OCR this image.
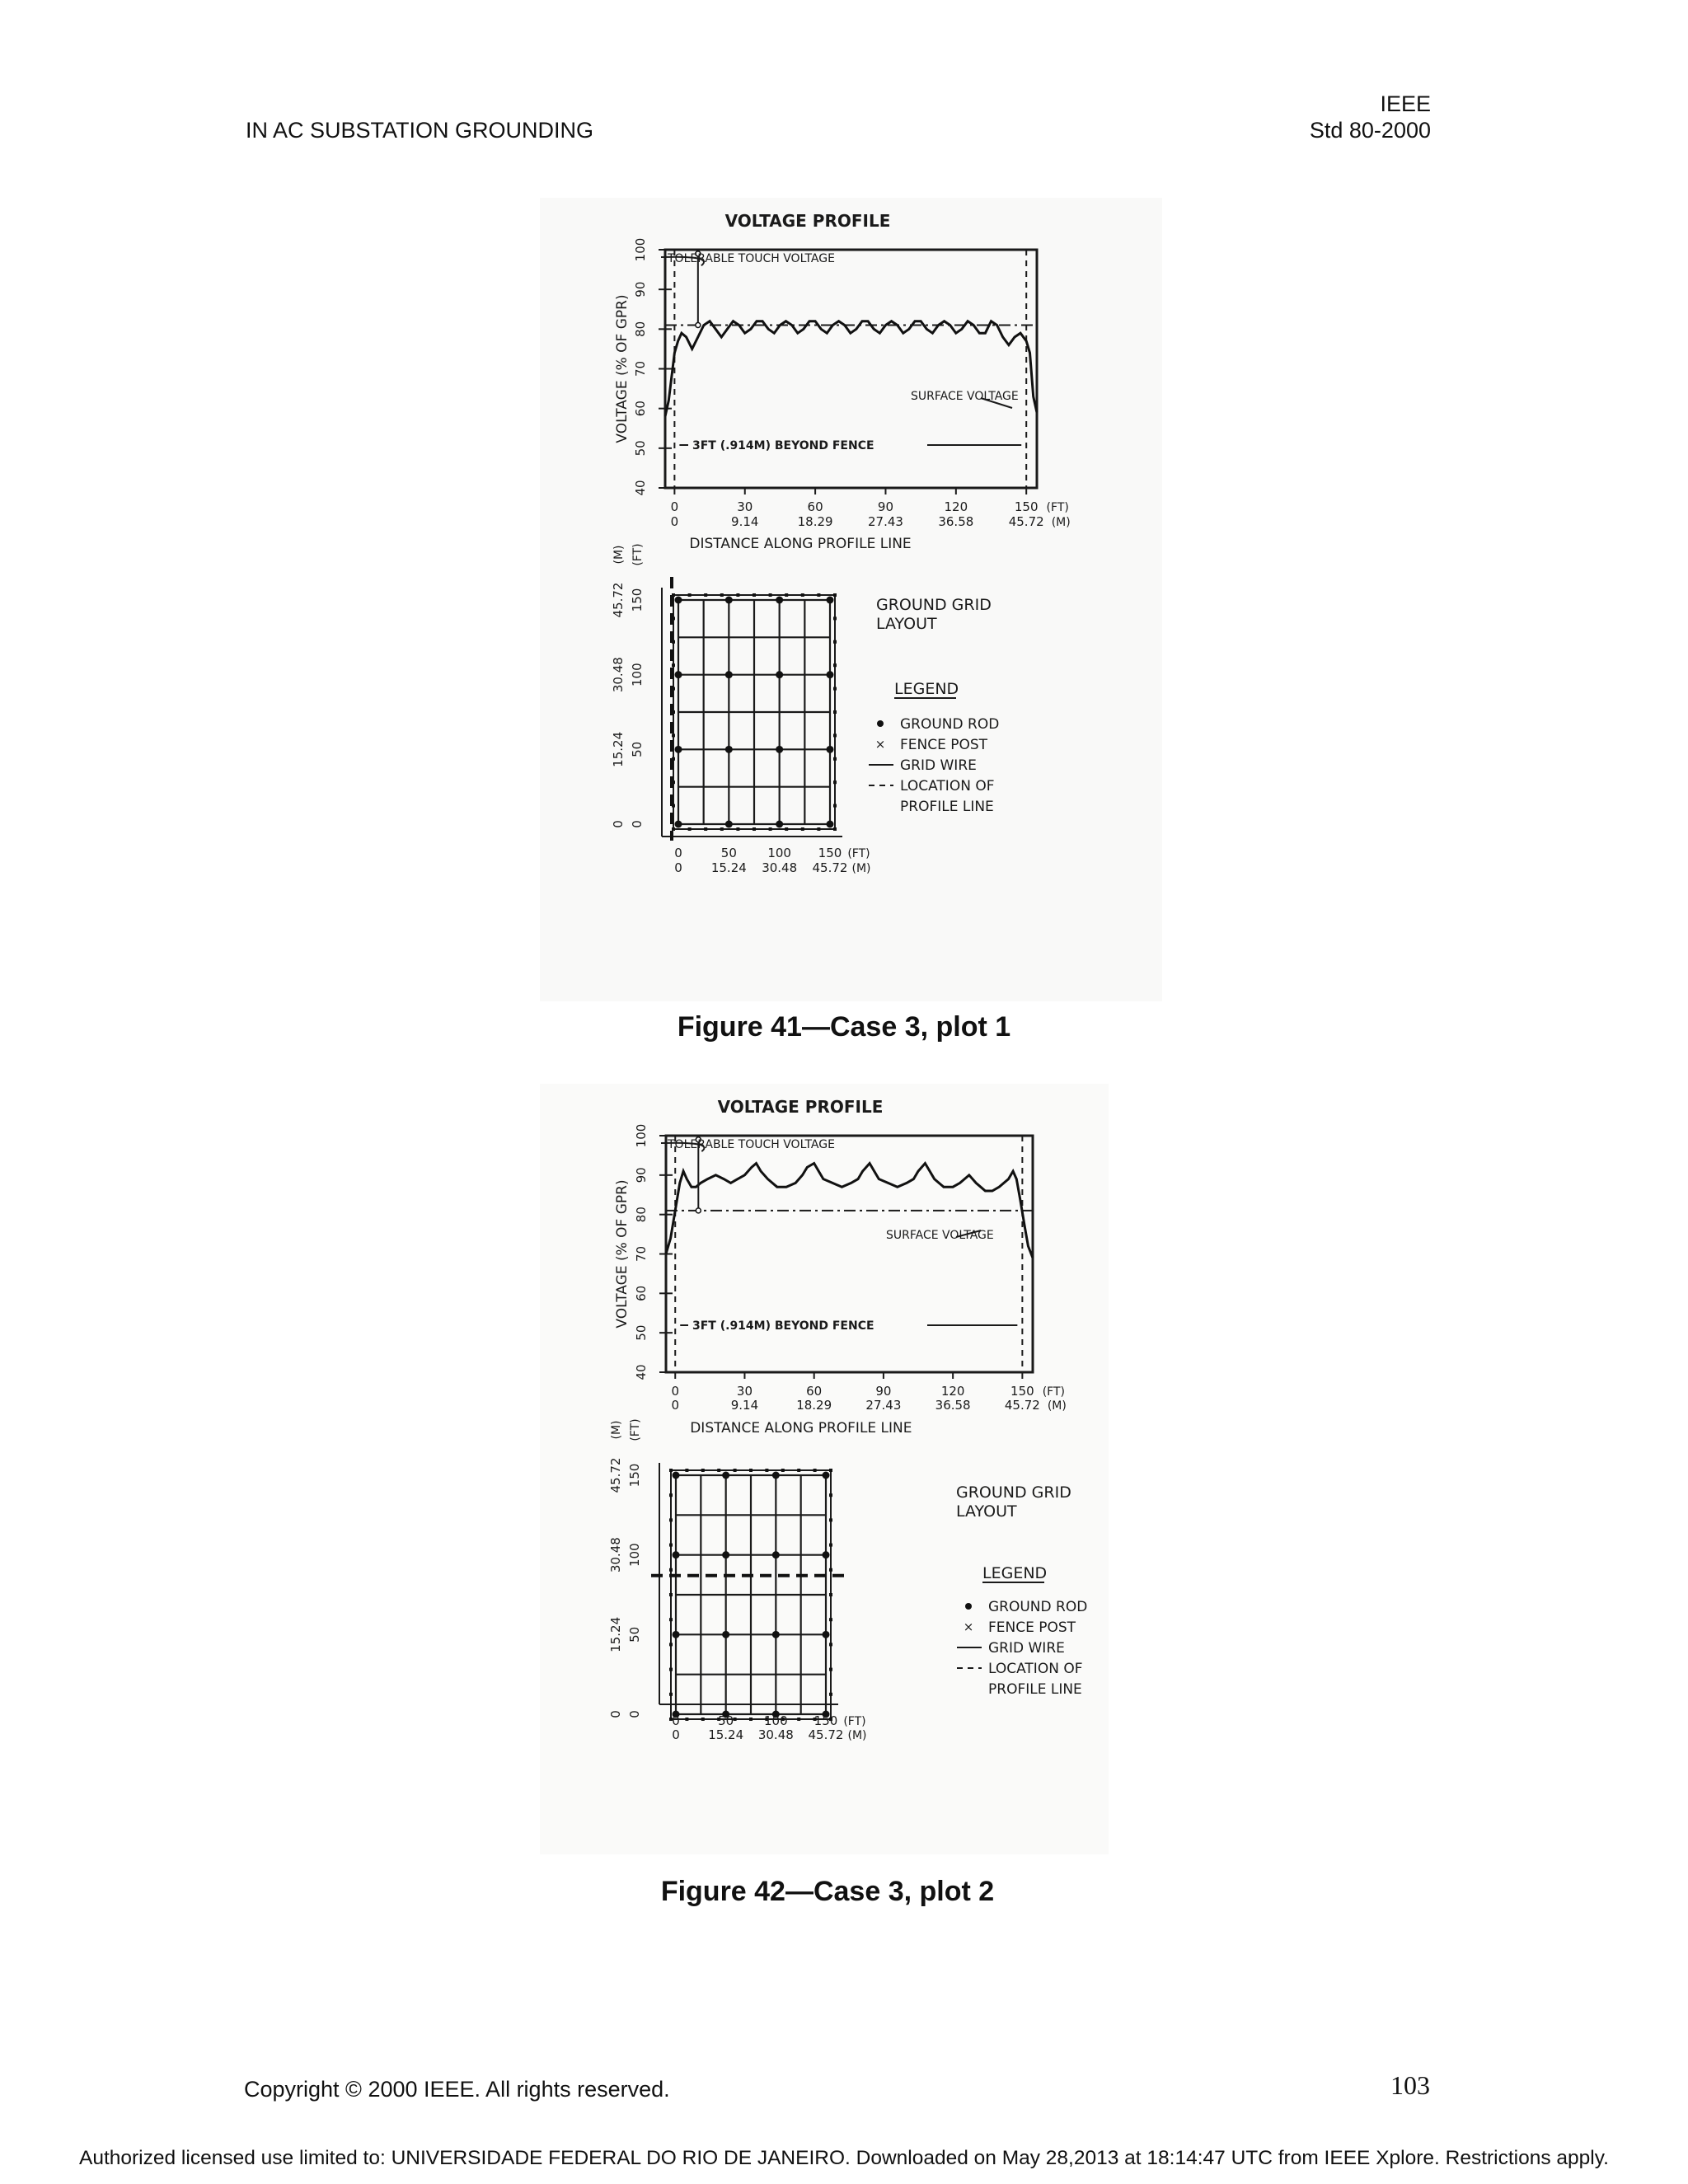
IN AC SUBSTATION GROUNDING
IEEE
Std 80-2000
VOLTAGE PROFILE
40
50
60
70
80
90
100
VOLTAGE (% OF GPR)
0
0
30
9.14
60
18.29
90
27.43
120
36.58
150
45.72
(FT)
(M)
DISTANCE ALONG PROFILE LINE
TOLERABLE TOUCH VOLTAGE
SURFACE VOLTAGE
3FT (.914M) BEYOND FENCE
0
0
50
15.24
100
30.48
150
45.72
(FT)
(M)
0
0
50
15.24
100
30.48
150
45.72
(FT)
(M)
GROUND GRID
LAYOUT
LEGEND
GROUND ROD
FENCE POST
GRID WIRE
LOCATION OF
PROFILE LINE
×
Figure 41—Case 3, plot 1
VOLTAGE PROFILE
40
50
60
70
80
90
100
VOLTAGE (% OF GPR)
0
0
30
9.14
60
18.29
90
27.43
120
36.58
150
45.72
(FT)
(M)
DISTANCE ALONG PROFILE LINE
TOLERABLE TOUCH VOLTAGE
SURFACE VOLTAGE
3FT (.914M) BEYOND FENCE
0
0
50
15.24
100
30.48
150
45.72
(FT)
(M)
0
0
50
15.24
100
30.48
150
45.72
(FT)
(M)
GROUND GRID
LAYOUT
LEGEND
GROUND ROD
FENCE POST
GRID WIRE
LOCATION OF
PROFILE LINE
×
Figure 42—Case 3, plot 2
Copyright © 2000 IEEE. All rights reserved.	103
Authorized licensed use limited to: UNIVERSIDADE FEDERAL DO RIO DE JANEIRO. Downloaded on May 28,2013 at 18:14:47 UTC from IEEE Xplore. Restrictions apply.
